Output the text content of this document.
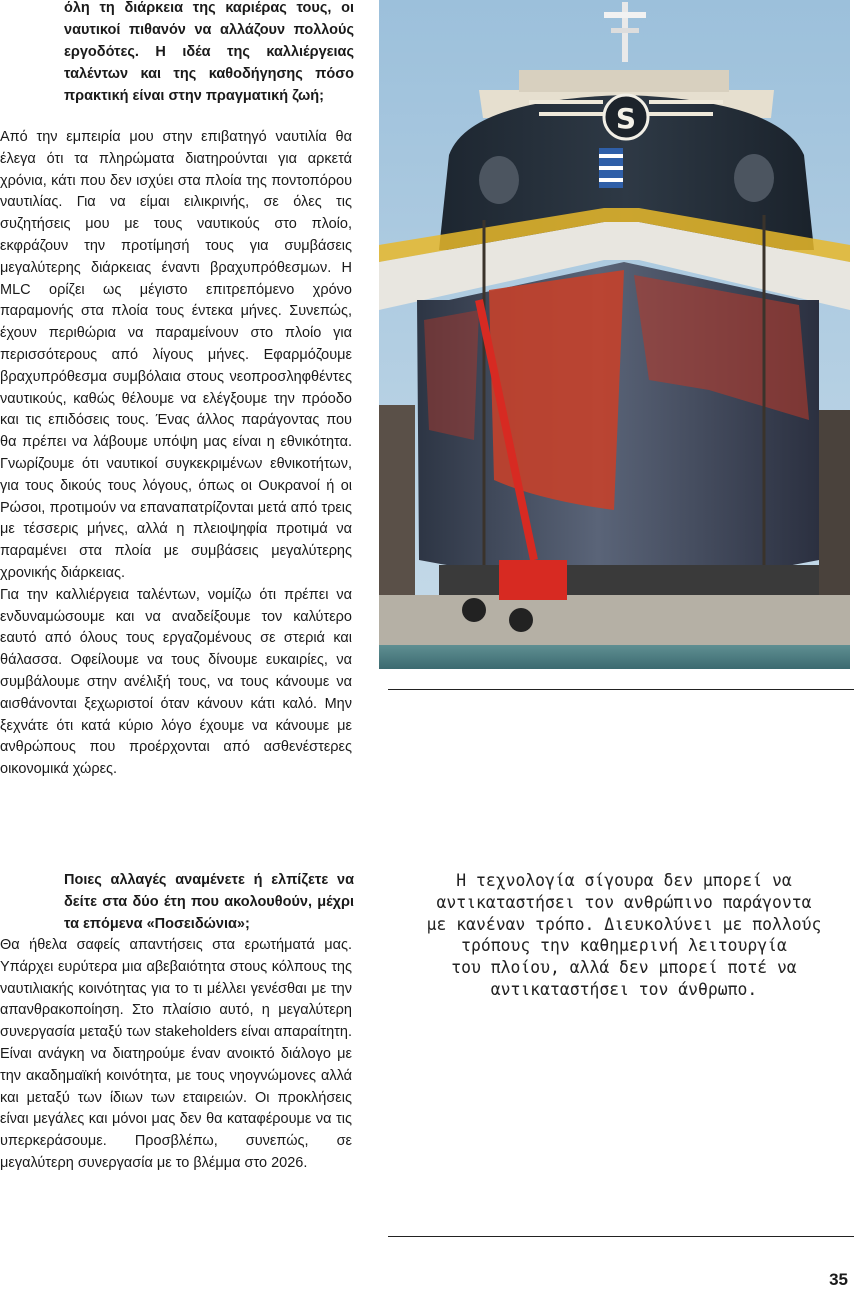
όλη τη διάρκεια της καριέρας τους, οι ναυτικοί πιθανόν να αλλάζουν πολλούς εργοδότες. Η ιδέα της καλλιέργειας ταλέντων και της καθοδήγησης πόσο πρακτική είναι στην πραγματική ζωή;

Από την εμπειρία μου στην επιβατηγό ναυτιλία θα έλεγα ότι τα πληρώματα διατηρούνται για αρκετά χρόνια, κάτι που δεν ισχύει στα πλοία της ποντοπόρου ναυτιλίας. Για να είμαι ειλικρινής, σε όλες τις συζητήσεις μου με τους ναυτικούς στο πλοίο, εκφράζουν την προτίμησή τους για συμβάσεις μεγαλύτερης διάρκειας έναντι βραχυπρόθεσμων. Η MLC ορίζει ως μέγιστο επιτρεπόμενο χρόνο παραμονής στα πλοία τους έντεκα μήνες. Συνεπώς, έχουν περιθώρια να παραμείνουν στο πλοίο για περισσότερους από λίγους μήνες. Εφαρμόζουμε βραχυπρόθεσμα συμβόλαια στους νεοπροσληφθέντες ναυτικούς, καθώς θέλουμε να ελέγξουμε την πρόοδο και τις επιδόσεις τους. Ένας άλλος παράγοντας που θα πρέπει να λάβουμε υπόψη μας είναι η εθνικότητα. Γνωρίζουμε ότι ναυτικοί συγκεκριμένων εθνικοτήτων, για τους δικούς τους λόγους, όπως οι Ουκρανοί ή οι Ρώσοι, προτιμούν να επαναπατρίζονται μετά από τρεις με τέσσερις μήνες, αλλά η πλειοψηφία προτιμά να παραμένει στα πλοία με συμβάσεις μεγαλύτερης χρονικής διάρκειας.

Για την καλλιέργεια ταλέντων, νομίζω ότι πρέπει να ενδυναμώσουμε και να αναδείξουμε τον καλύτερο εαυτό από όλους τους εργαζομένους σε στεριά και θάλασσα. Οφείλουμε να τους δίνουμε ευκαιρίες, να συμβάλουμε στην ανέλιξή τους, να τους κάνουμε να αισθάνονται ξεχωριστοί όταν κάνουν κάτι καλό. Μην ξεχνάτε ότι κατά κύριο λόγο έχουμε να κάνουμε με ανθρώπους που προέρχονται από ασθενέστερες οικονομικά χώρες.

Ποιες αλλαγές αναμένετε ή ελπίζετε να δείτε στα δύο έτη που ακολουθούν, μέχρι τα επόμενα «Ποσειδώνια»;

Θα ήθελα σαφείς απαντήσεις στα ερωτήματά μας. Υπάρχει ευρύτερα μια αβεβαιότητα στους κόλπους της ναυτιλιακής κοινότητας για το τι μέλλει γενέσθαι με την απανθρακοποίηση. Στο πλαίσιο αυτό, η μεγαλύτερη συνεργασία μεταξύ των stakeholders είναι απαραίτητη. Είναι ανάγκη να διατηρούμε έναν ανοικτό διάλογο με την ακαδημαϊκή κοινότητα, με τους νηογνώμονες αλλά και μεταξύ των ίδιων των εταιρειών. Οι προκλήσεις είναι μεγάλες και μόνοι μας δεν θα καταφέρουμε να τις υπερκεράσουμε. Προσβλέπω, συνεπώς, σε μεγαλύτερη συνεργασία με το βλέμμα στο 2026.

S
Η τεχνολογία σίγουρα δεν μπορεί να
αντικαταστήσει τον ανθρώπινο παράγοντα
με κανέναν τρόπο. Διευκολύνει με πολλούς
τρόπους την καθημερινή λειτουργία
του πλοίου, αλλά δεν μπορεί ποτέ να
αντικαταστήσει τον άνθρωπο.
35
